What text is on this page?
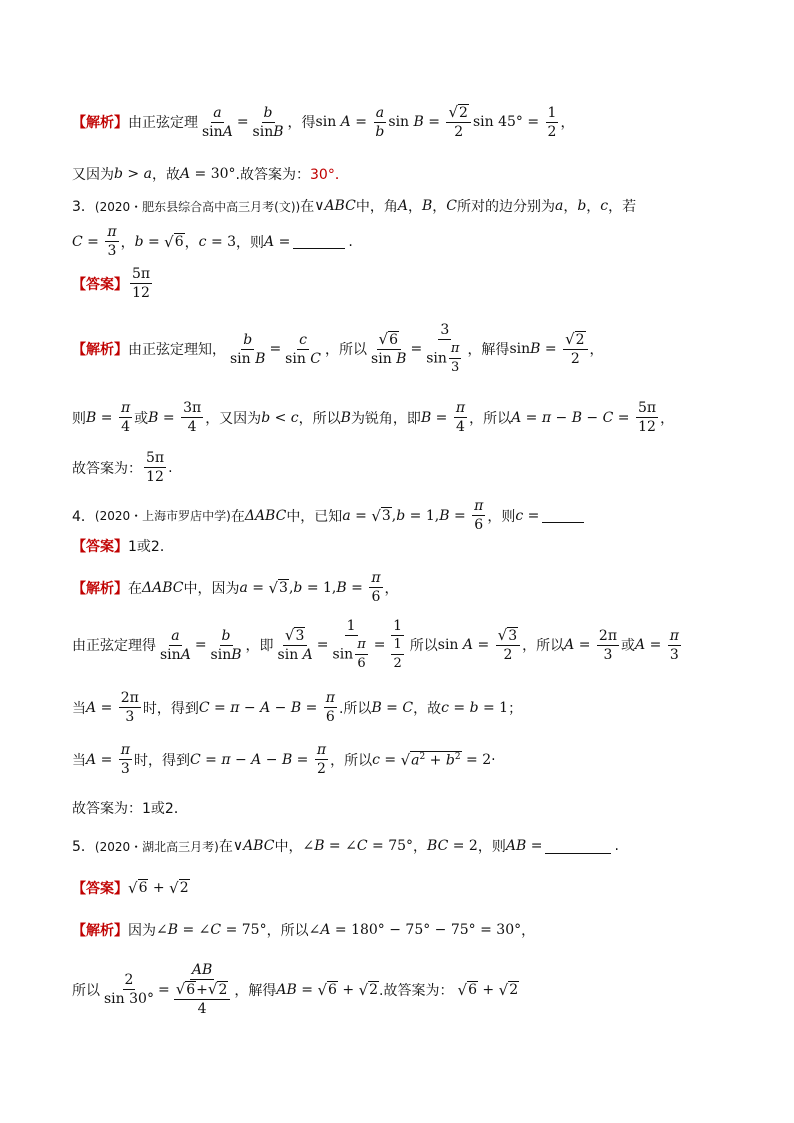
【解析】 由正弦定理 $\frac{a}{\sin A} = \frac{b}{\sin B}$ ，得 $\sin A = \frac{a}{b}$ $\sin B = \frac{√ 2}{2}$ $\sin 45^\circ = \frac{1}{2}$ ，
又因为 b > a ，故 A = 30° .故答案为： 30°．
3． (2020・肥东县综合高中高三月考(文)) 在 ∨ABC 中，角 A ， B ， C 所对的边分别为 a ， b ， c ，若
$C = \frac{\pi}{3}$ ， b = √ 6 ， c = 3 ，则 A =	.
【答案】 $\frac{5\pi}{12}$
【解析】 由正弦定理知， $\frac{b}{\text{sin B}} = \frac{c}{\text{sin C}}$ ，所以 $\frac{√ 6}{\text{sin B}} = \frac{3}{\sin \frac{\pi}{3}}$ ，解得 $\sin B = \frac{√ 2}{2}$ ，
则 $B = \frac{\pi}{4}$ 或 $B = \frac{3\pi}{4}$ ，又因为 b < c ，所以 B 为锐角，即 $B = \frac{\pi}{4}$ ，所以 $A = \pi - B - C = \frac{5\pi}{12}$ ，
故答案为： $\frac{5\pi}{12}$ .
4． (2020・上海市罗店中学) 在 ΔABC 中，已知 a = √ 3 , b = 1, $B = \frac{\pi}{6}$ ，则 c =
【答案】 1或2．
【解析】 在 ΔABC 中，因为 a = √ 3 , b = 1, $B = \frac{\pi}{6}$ ，
由正弦定理得 $\frac{a}{\sin A} = \frac{b}{\sin B}$ ，即 $\frac{√ 3}{\text{sin A}} = \frac{1}{\sin \frac{\pi}{6}} = \frac{1}{\frac{1}{2}}$ 所以 $\sin A = \frac{√ 3}{2}$ ，所以 $A = \frac{2\pi}{3}$ 或 $A = \frac{\pi}{3}$
当 $A = \frac{2\pi}{3}$ 时，得到 $C = \pi - A - B = \frac{\pi}{6}$ .所以 B = C ，故 c = b = 1 ；
当 $A = \frac{\pi}{3}$ 时，得到 $C = \pi - A - B = \frac{\pi}{2}$ ，所以 c = √ $a^2 + b^2 = 2$ ·
故答案为：1或2．
5． (2020・湖北高三月考) 在 ∨ABC 中， ∠ B = ∠ C = 75° ， BC = 2 ，则 AB =	.
【答案】 √ 6 + √ 2
【解析】 因为 ∠ B = ∠ C = 75° ，所以 ∠ A = 180° − 75° − 75° = 30° ，
所以 $\frac{2}{\sin 30^\circ} = \frac{AB}{\frac{√ 6 + √ 2}{4}}$ ，解得 AB = √ 6 + √ 2 .故答案为： √ 6 + √ 2
